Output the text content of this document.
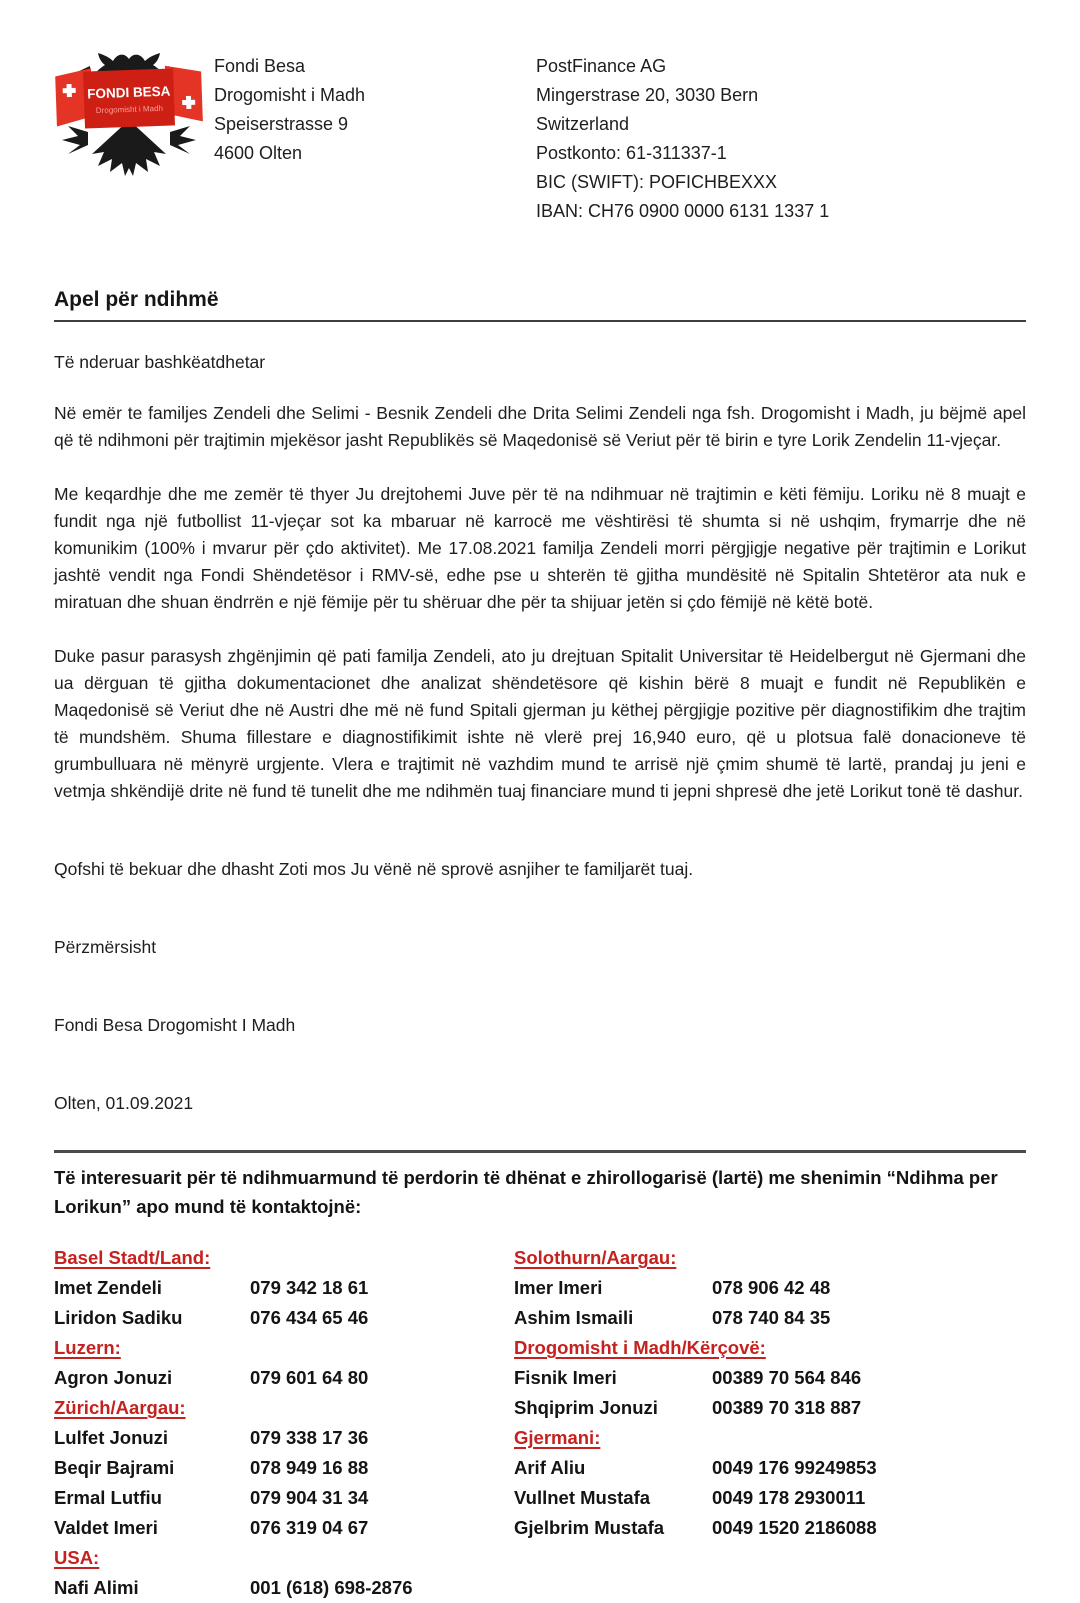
FONDI BESA
Drogomisht i Madh
Fondi Besa
Drogomisht i Madh
Speiserstrasse 9
4600 Olten
PostFinance AG
Mingerstrase 20, 3030 Bern
Switzerland
Postkonto: 61-311337-1
BIC (SWIFT): POFICHBEXXX
IBAN: CH76 0900 0000 6131 1337 1
Apel për ndihmë
Të nderuar bashkëatdhetar

Në emër te familjes Zendeli dhe Selimi - Besnik Zendeli dhe Drita Selimi Zendeli nga fsh. Drogomisht i Madh, ju bëjmë apel që të ndihmoni për trajtimin mjekësor jasht Republikës së Maqedonisë së Veriut për të birin e tyre Lorik Zendelin 11-vjeçar.

Me keqardhje dhe me zemër të thyer Ju drejtohemi Juve për të na ndihmuar në trajtimin e këti fëmiju. Loriku në 8 muajt e fundit nga një futbollist 11-vjeçar sot ka mbaruar në karrocë me vështirësi të shumta si në ushqim, frymarrje dhe në komunikim (100% i mvarur për çdo aktivitet). Me 17.08.2021 familja Zendeli morri përgjigje negative për trajtimin e Lorikut jashtë vendit nga Fondi Shëndetësor i RMV-së, edhe pse u shterën të gjitha mundësitë në Spitalin Shtetëror ata nuk e miratuan dhe shuan ëndrrën e një fëmije për tu shëruar dhe për ta shijuar jetën si çdo fëmijë në këtë botë.

Duke pasur parasysh zhgënjimin që pati familja Zendeli, ato ju drejtuan Spitalit Universitar të Heidelbergut në Gjermani dhe ua dërguan të gjitha dokumentacionet dhe analizat shëndetësore që kishin bërë 8 muajt e fundit në Republikën e Maqedonisë së Veriut dhe në Austri dhe më në fund Spitali gjerman ju këthej përgjigje pozitive për diagnostifikim dhe trajtim të mundshëm. Shuma fillestare e diagnostifikimit ishte në vlerë prej 16,940 euro, që u plotsua falë donacioneve të grumbulluara në mënyrë urgjente. Vlera e trajtimit në vazhdim mund te arrisë një çmim shumë të lartë, prandaj ju jeni e vetmja shkëndijë drite në fund të tunelit dhe me ndihmën tuaj financiare mund ti jepni shpresë dhe jetë Lorikut tonë të dashur.

Qofshi të bekuar dhe dhasht Zoti mos Ju vënë në sprovë asnjiher te familjarët tuaj.

Përzmërsisht

Fondi Besa Drogomisht I Madh

Olten, 01.09.2021

Të interesuarit për të ndihmuarmund të perdorin të dhënat e zhirollogarisë (lartë) me shenimin “Ndihma per Lorikun” apo mund të kontaktojnë:
Basel Stadt/Land:
Imet Zendeli	079 342 18 61
Liridon Sadiku	076 434 65 46
Luzern:
Agron Jonuzi	079 601 64 80
Zürich/Aargau:
Lulfet Jonuzi	079 338 17 36
Beqir Bajrami	078 949 16 88
Ermal Lutfiu	079 904 31 34
Valdet Imeri	076 319 04 67
USA:
Nafi Alimi	001 (618) 698-2876
Solothurn/Aargau:
Imer Imeri	078 906 42 48
Ashim Ismaili	078 740 84 35
Drogomisht i Madh/Kërçovë:
Fisnik Imeri	00389 70 564 846
Shqiprim Jonuzi	00389 70 318 887
Gjermani:
Arif Aliu	0049 176 99249853
Vullnet Mustafa	0049 178 2930011
Gjelbrim Mustafa	0049 1520 2186088
